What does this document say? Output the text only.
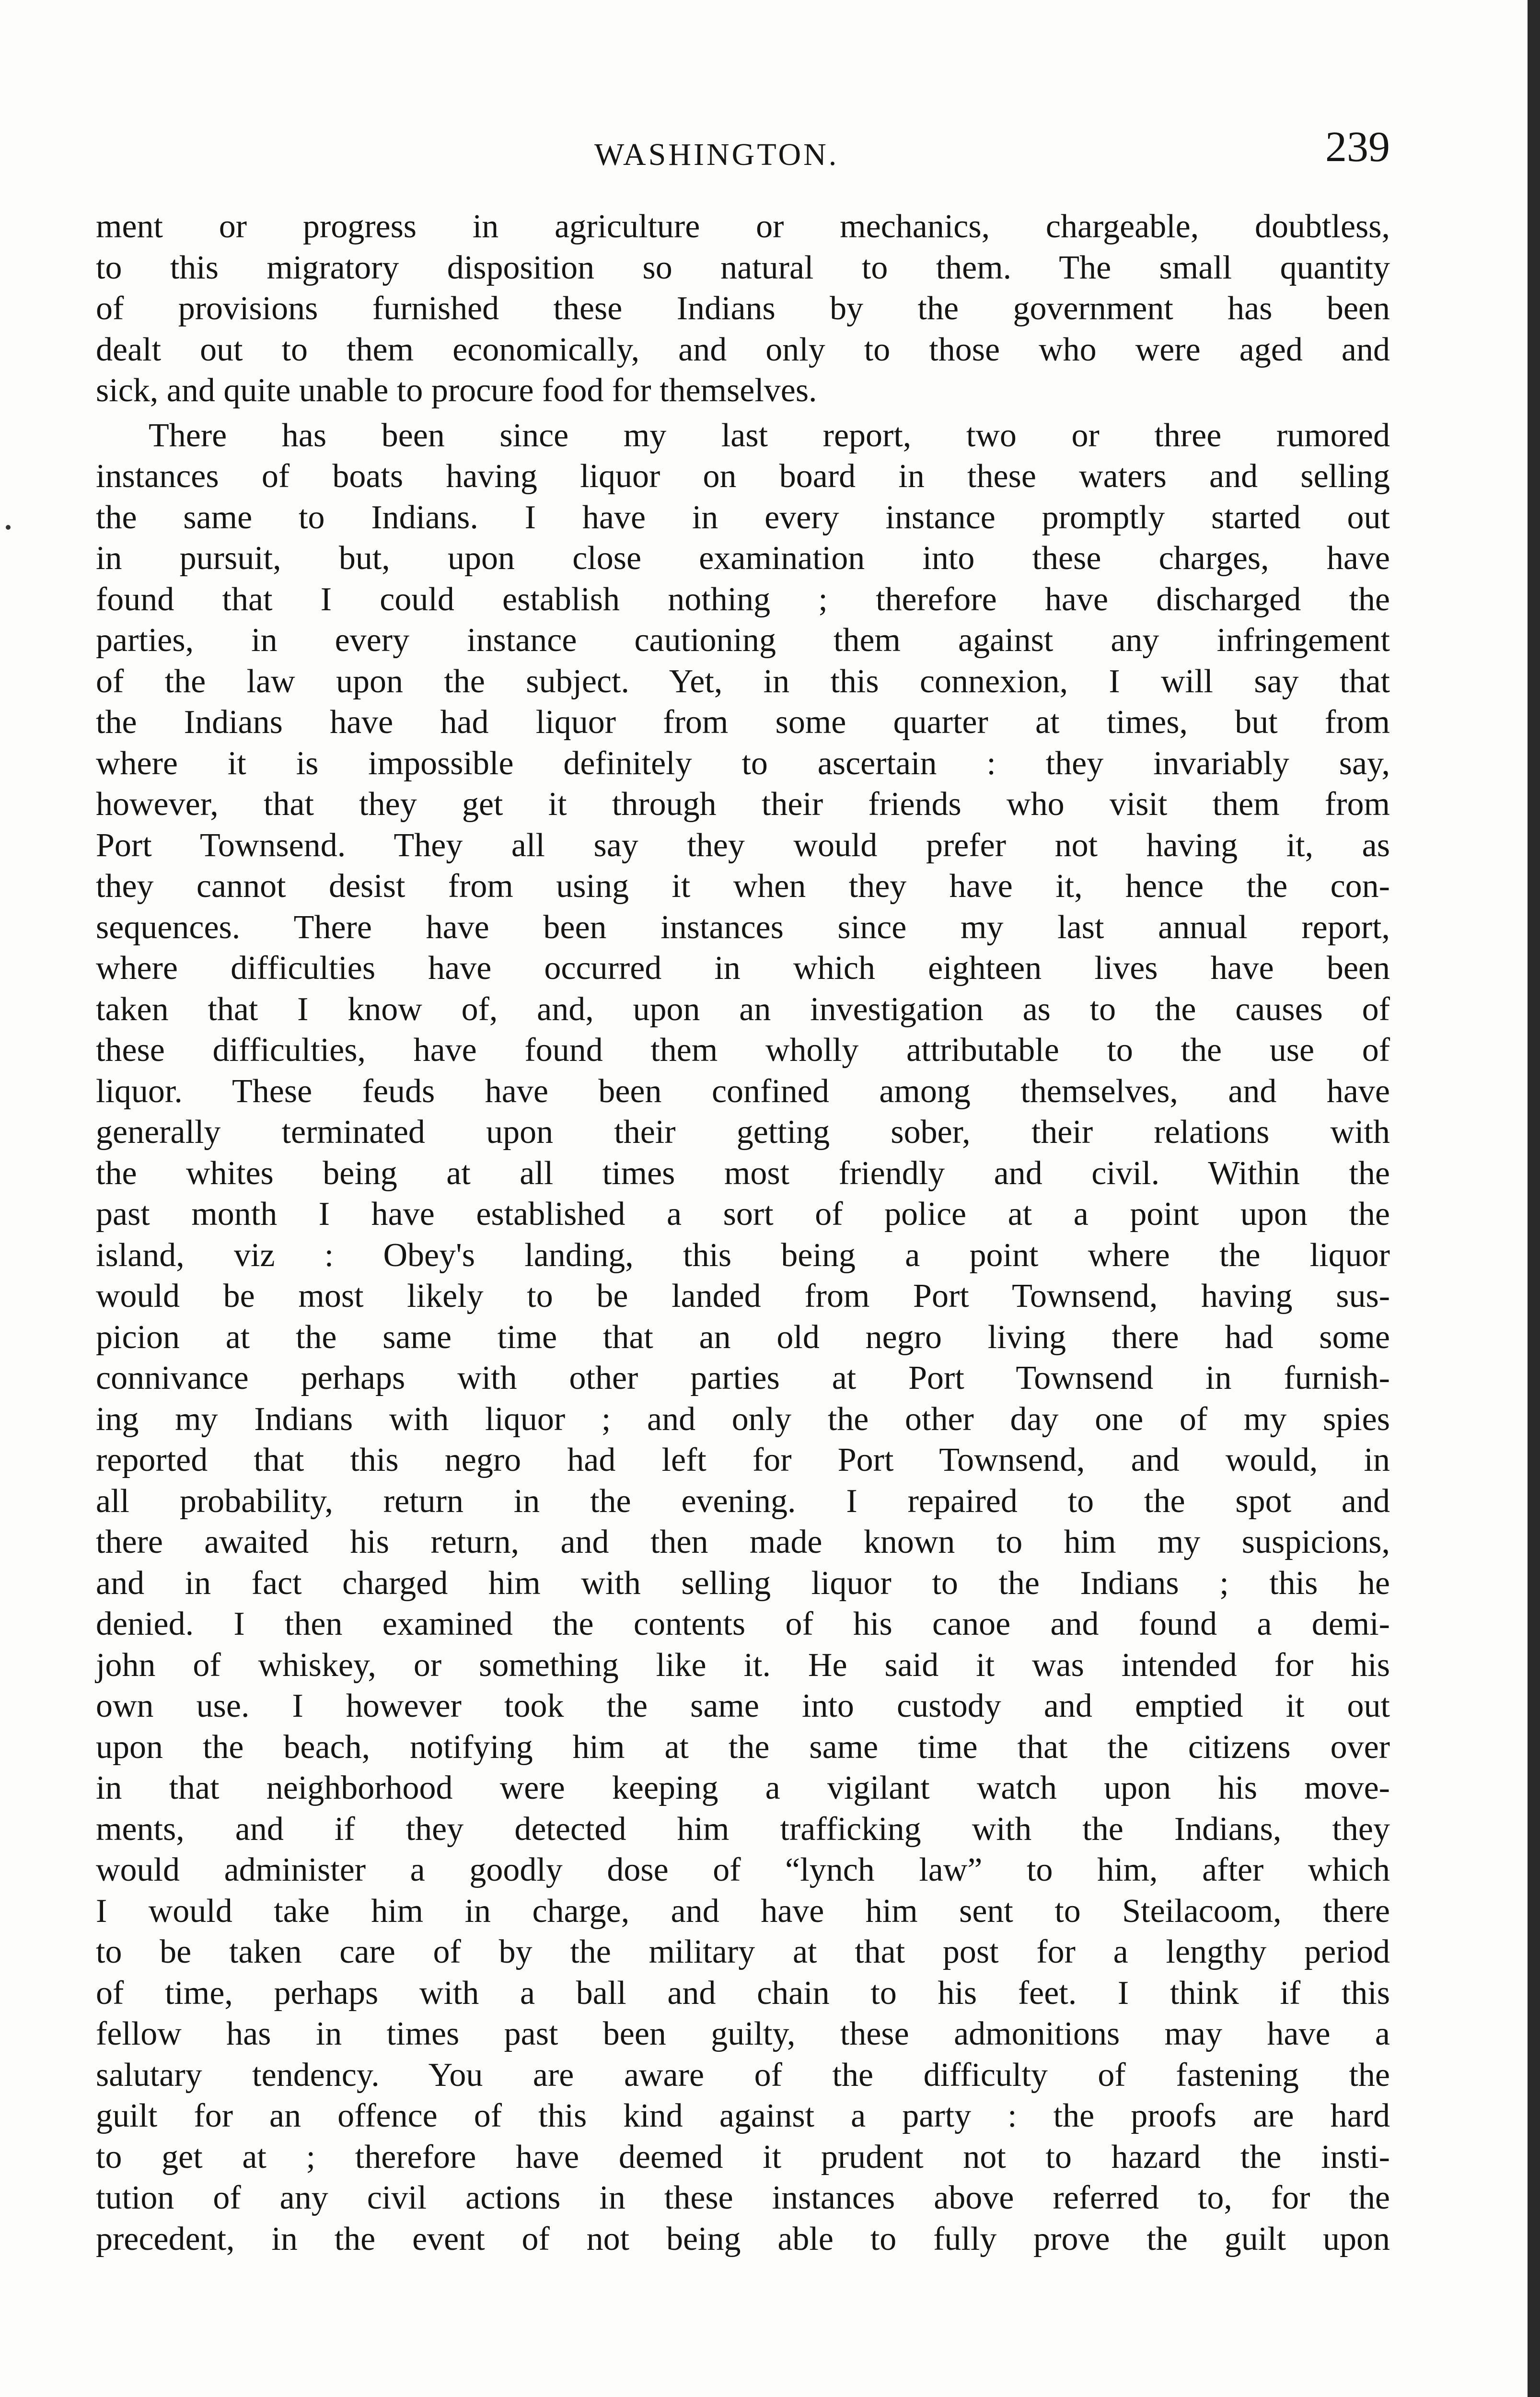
WASHINGTON.	239
ment or progress in agriculture or mechanics, chargeable, doubtless,
to this migratory disposition so natural to them. The small quantity
of provisions furnished these Indians by the government has been
dealt out to them economically, and only to those who were aged and
sick, and quite unable to procure food for themselves.
There has been since my last report, two or three rumored
instances of boats having liquor on board in these waters and selling
the same to Indians. I have in every instance promptly started out
in pursuit, but, upon close examination into these charges, have
found that I could establish nothing ; therefore have discharged the
parties, in every instance cautioning them against any infringement
of the law upon the subject. Yet, in this connexion, I will say that
the Indians have had liquor from some quarter at times, but from
where it is impossible definitely to ascertain : they invariably say,
however, that they get it through their friends who visit them from
Port Townsend. They all say they would prefer not having it, as
they cannot desist from using it when they have it, hence the con-
sequences. There have been instances since my last annual report,
where difficulties have occurred in which eighteen lives have been
taken that I know of, and, upon an investigation as to the causes of
these difficulties, have found them wholly attributable to the use of
liquor. These feuds have been confined among themselves, and have
generally terminated upon their getting sober, their relations with
the whites being at all times most friendly and civil. Within the
past month I have established a sort of police at a point upon the
island, viz : Obey's landing, this being a point where the liquor
would be most likely to be landed from Port Townsend, having sus-
picion at the same time that an old negro living there had some
connivance perhaps with other parties at Port Townsend in furnish-
ing my Indians with liquor ; and only the other day one of my spies
reported that this negro had left for Port Townsend, and would, in
all probability, return in the evening. I repaired to the spot and
there awaited his return, and then made known to him my suspicions,
and in fact charged him with selling liquor to the Indians ; this he
denied. I then examined the contents of his canoe and found a demi-
john of whiskey, or something like it. He said it was intended for his
own use. I however took the same into custody and emptied it out
upon the beach, notifying him at the same time that the citizens over
in that neighborhood were keeping a vigilant watch upon his move-
ments, and if they detected him trafficking with the Indians, they
would administer a goodly dose of “lynch law” to him, after which
I would take him in charge, and have him sent to Steilacoom, there
to be taken care of by the military at that post for a lengthy period
of time, perhaps with a ball and chain to his feet. I think if this
fellow has in times past been guilty, these admonitions may have a
salutary tendency. You are aware of the difficulty of fastening the
guilt for an offence of this kind against a party : the proofs are hard
to get at ; therefore have deemed it prudent not to hazard the insti-
tution of any civil actions in these instances above referred to, for the
precedent, in the event of not being able to fully prove the guilt upon
